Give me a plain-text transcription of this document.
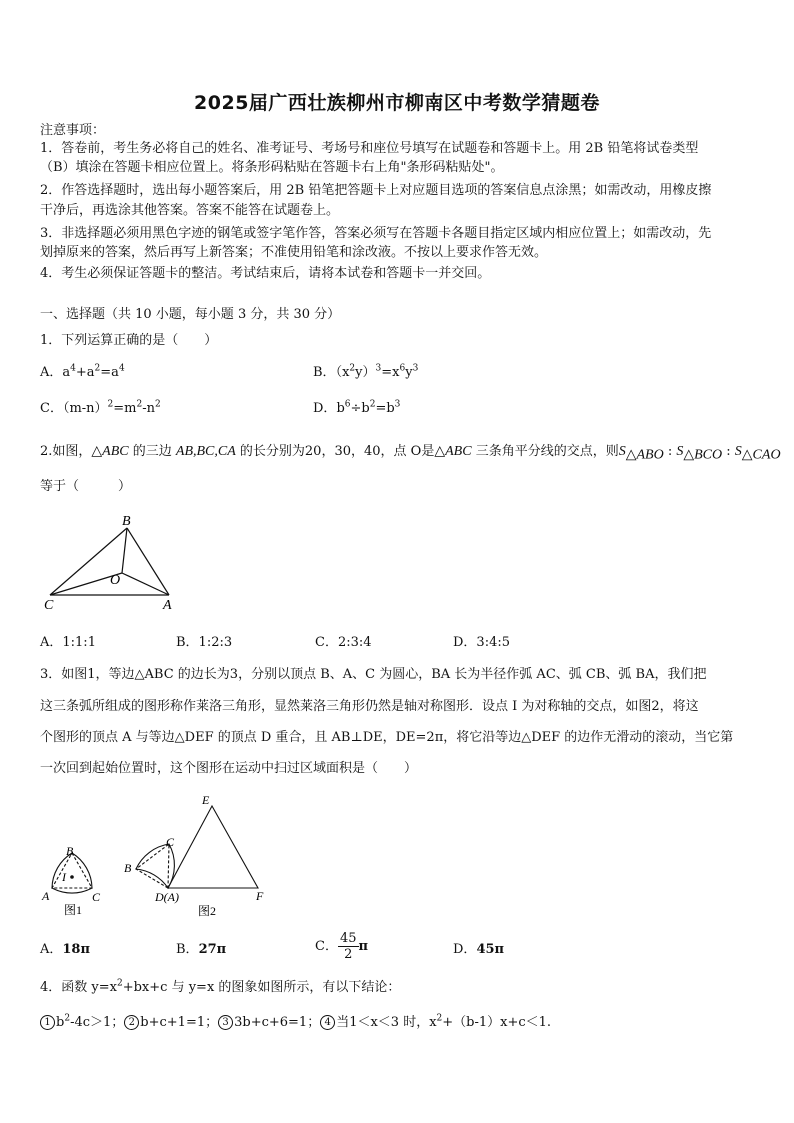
2025届广西壮族柳州市柳南区中考数学猜题卷
注意事项：
1．答卷前，考生务必将自己的姓名、准考证号、考场号和座位号填写在试题卷和答题卡上。用 2B 铅笔将试卷类型
（B）填涂在答题卡相应位置上。将条形码粘贴在答题卡右上角"条形码粘贴处"。
2．作答选择题时，选出每小题答案后，用 2B 铅笔把答题卡上对应题目选项的答案信息点涂黑；如需改动，用橡皮擦
干净后，再选涂其他答案。答案不能答在试题卷上。
3．非选择题必须用黑色字迹的钢笔或签字笔作答，答案必须写在答题卡各题目指定区域内相应位置上；如需改动，先
划掉原来的答案，然后再写上新答案；不准使用铅笔和涂改液。不按以上要求作答无效。
4．考生必须保证答题卡的整洁。考试结束后，请将本试卷和答题卡一并交回。
一、选择题（共 10 小题，每小题 3 分，共 30 分）
1．下列运算正确的是（　　）
A．$a^4+a^2=a^4$	B．$(x^2y)^3=x^6y^3$
C．$(m-n)^2=m^2-n^2$	D．$b^6\div b^2=b^3$
2.如图，△ABC 的三边 AB,BC,CA 的长分别为20，30，40，点 O是△ABC 三条角平分线的交点，则$S_{\triangle ABO}$ : $S_{\triangle BCO}$ : $S_{\triangle CAO}$
等于（　　　）
B
O
C	A
A．1:1:1	B．1:2:3	C．2:3:4	D．3:4:5
3．如图1，等边△ABC 的边长为3，分别以顶点 B、A、C 为圆心，BA 长为半径作弧 AC、弧 CB、弧 BA，我们把
这三条弧所组成的图形称作莱洛三角形，显然莱洛三角形仍然是轴对称图形．设点 I 为对称轴的交点，如图2，将这
个图形的顶点 A 与等边△DEF 的顶点 D 重合，且 AB⊥DE，DE=2π，将它沿等边△DEF 的边作无滑动的滚动，当它第
一次回到起始位置时，这个图形在运动中扫过区域面积是（　　）
B
I
A	C
图1
E
C
B
D(A)	F
图2
A．18π	B．27π	C． $\frac{45}{2}$ π	D．45π
4．函数 $y=x^2+bx+c$ 与 y=x 的图象如图所示，有以下结论：
1 $b^2-4c>1$； 2 b+c+1=1； 3 3b+c+6=1； 4 当1＜x＜3 时，$x^2+(b-1)x+c<1$.
